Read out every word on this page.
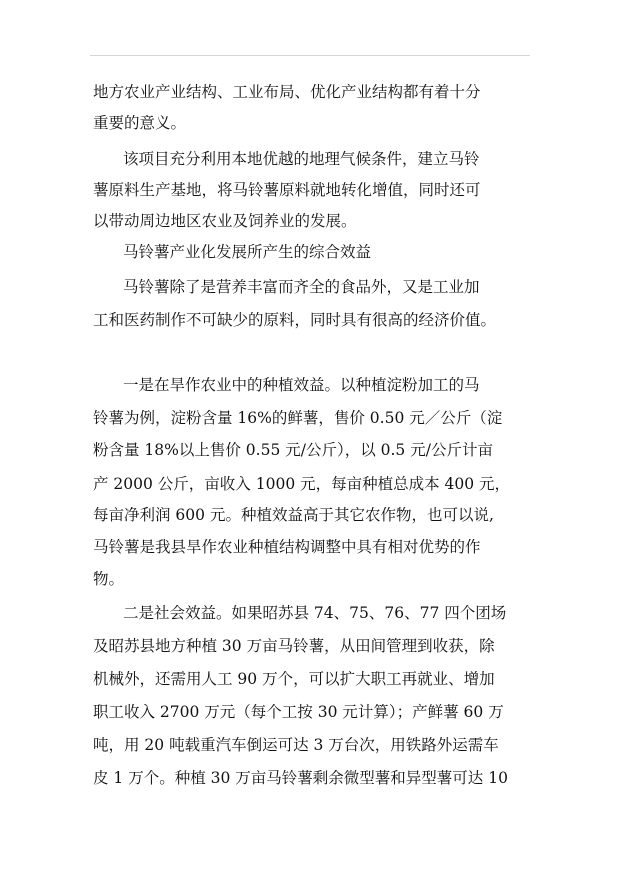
地方农业产业结构、工业布局、优化产业结构都有着十分
重要的意义。
该项目充分利用本地优越的地理气候条件，建立马铃
薯原料生产基地，将马铃薯原料就地转化增值，同时还可
以带动周边地区农业及饲养业的发展。
马铃薯产业化发展所产生的综合效益
马铃薯除了是营养丰富而齐全的食品外，又是工业加
工和医药制作不可缺少的原料，同时具有很高的经济价值。
一是在旱作农业中的种植效益。以种植淀粉加工的马
铃薯为例，淀粉含量 16%的鲜薯，售价 0.50 元／公斤（淀
粉含量 18%以上售价 0.55 元/公斤），以 0.5 元/公斤计亩
产 2000 公斤，亩收入 1000 元，每亩种植总成本 400 元，
每亩净利润 600 元。种植效益高于其它农作物，也可以说,
马铃薯是我县旱作农业种植结构调整中具有相对优势的作
物。
二是社会效益。如果昭苏县 74、75、76、77 四个团场
及昭苏县地方种植 30 万亩马铃薯，从田间管理到收获，除
机械外，还需用人工 90 万个，可以扩大职工再就业、增加
职工收入 2700 万元（每个工按 30 元计算）；产鲜薯 60 万
吨，用 20 吨载重汽车倒运可达 3 万台次，用铁路外运需车
皮 1 万个。种植 30 万亩马铃薯剩余微型薯和异型薯可达 10
